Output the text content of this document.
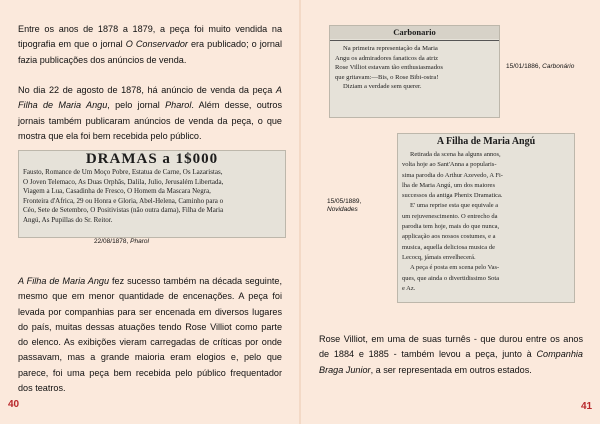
Entre os anos de 1878 a 1879, a peça foi muito vendida na tipografia em que o jornal O Conservador era publicado; o jornal fazia publicações dos anúncios de venda.

No dia 22 de agosto de 1878, há anúncio de venda da peça A Filha de Maria Angu, pelo jornal Pharol. Além desse, outros jornais também publicaram anúncios de venda da peça, o que mostra que ela foi bem recebida pelo público.

DRAMAS a 1$000
Fausto, Romance de Um Moço Pobre, Estatua de Carne, Os Lazaristas,
O Joven Telemaco, As Duas Orphãs, Dalila, Julio, Jerusalém Libertada,
Viagem a Lua, Casadinha de Fresco, O Homem da Mascara Negra,
Fronteira d'Africa, 29 ou Honra e Gloria, Abel-Helena, Caminho para o
Céo, Sete de Setembro, O Positivistas (não outra dama), Filha de Maria
Angú, As Pupillas do Sr. Reitor.
22/08/1878, Pharol

A Filha de Maria Angu fez sucesso também na década seguinte, mesmo que em menor quantidade de encenações. A peça foi levada por companhias para ser encenada em diversos lugares do país, muitas dessas atuações tendo Rose Villiot como parte do elenco. As exibições vieram carregadas de críticas por onde passavam, mas a grande maioria eram elogios e, pelo que parece, foi uma peça bem recebida pelo público frequentador dos teatros.

40
Carbonario
Na primeira representação da Maria
Angu os admiradores fanaticos da atriz
Rose Villiot estavam tão enthusiasmados
que gritavam:—Bis, o Rose Bibi-ostra!
Diziam a verdade sem querer.
15/01/1886, Carbonário
A Filha de Maria Angú
Retirada da scena ha alguns annos,
volta hoje ao Sant'Anna a popularis-
sima parodia do Arthur Azevedo, A Fi-
lha de Maria Angú, um dos maiores
successos da antiga Phenix Dramatica.
E' uma reprise esta que equivale a
um rejuvenescimento. O entrecho da
parodia tem hoje, mais do que nunca,
applicação aos nossos costumes, e a
musica, aquella deliciosa musica de
Lecocq, jámais envelhecerá.
A peça é posta em scena pelo Vas-
ques, que ainda o divertidissimo Sota
e Az.
15/05/1889,
Novidades

Rose Villiot, em uma de suas turnês - que durou entre os anos de 1884 e 1885 - também levou a peça, junto à Companhia Braga Junior, a ser representada em outros estados.

41
